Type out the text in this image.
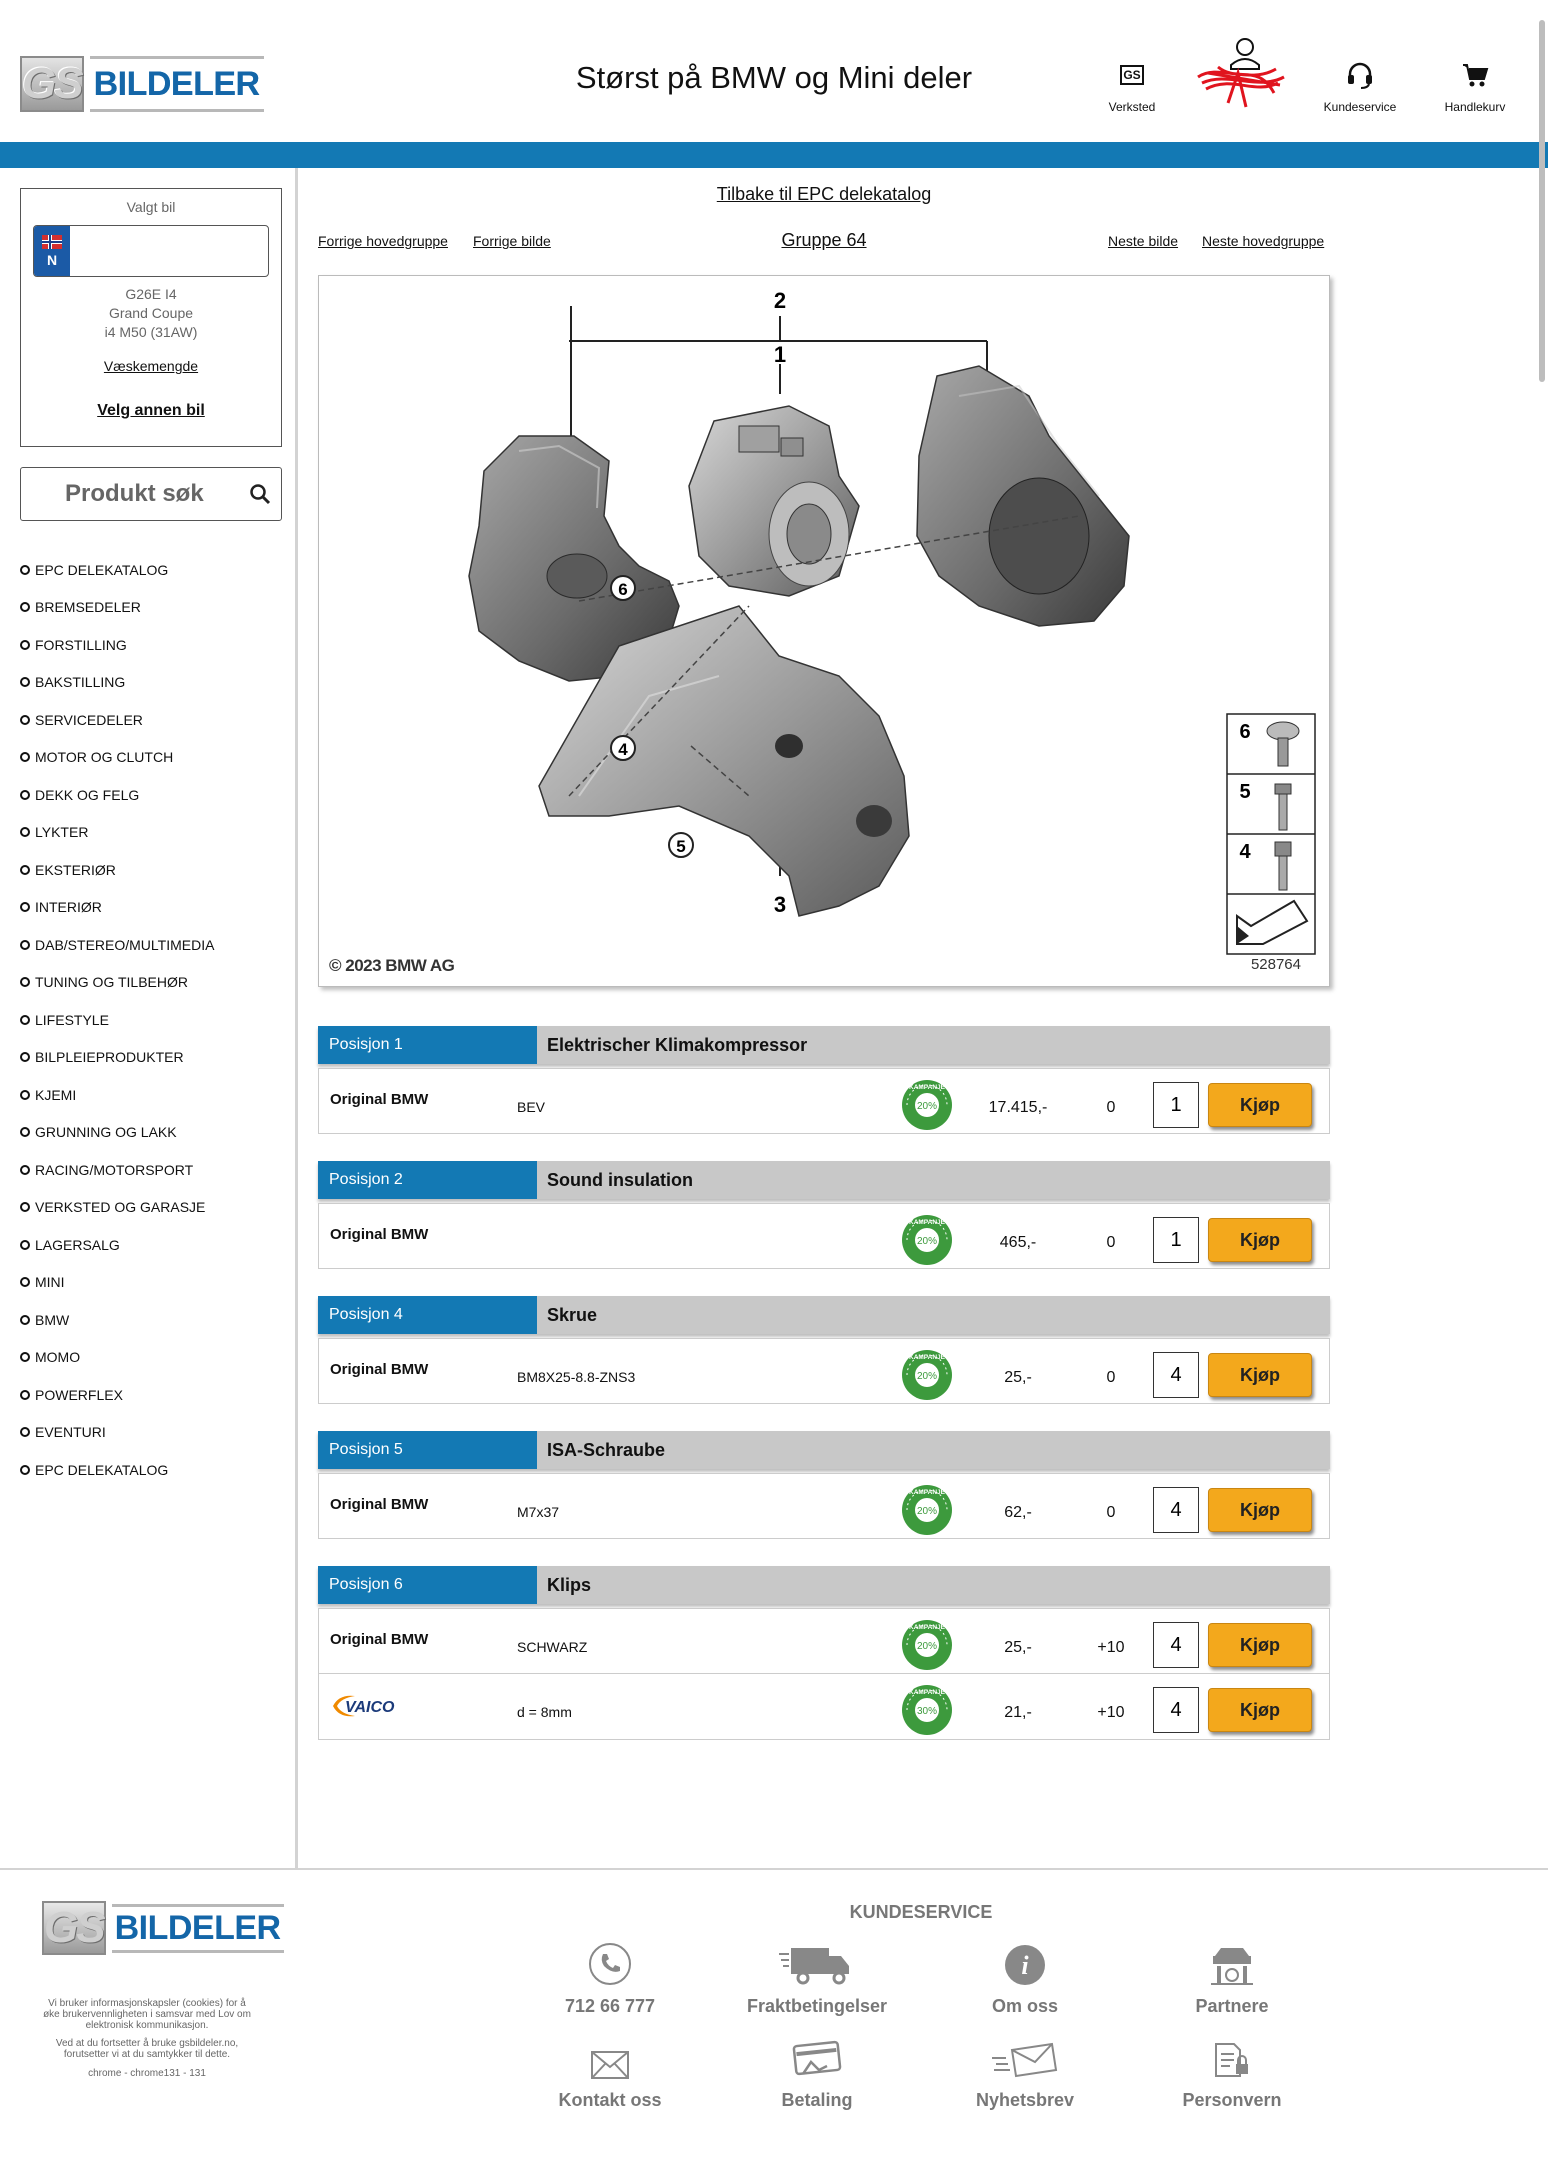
GS BILDELER	Størst på BMW og Mini deler	GS
Verksted	Kundeservice	Handlekurv
Valgt bil
N
G26E I4
Grand Coupe
i4 M50 (31AW)
Væskemengde
Velg annen bil
Produkt søk
EPC DELEKATALOG
BREMSEDELER
FORSTILLING
BAKSTILLING
SERVICEDELER
MOTOR OG CLUTCH
DEKK OG FELG
LYKTER
EKSTERIØR
INTERIØR
DAB/STEREO/MULTIMEDIA
TUNING OG TILBEHØR
LIFESTYLE
BILPLEIEPRODUKTER
KJEMI
GRUNNING OG LAKK
RACING/MOTORSPORT
VERKSTED OG GARASJE
LAGERSALG
MINI
BMW
MOMO
POWERFLEX
EVENTURI
EPC DELEKATALOG
Tilbake til EPC delekatalog
Forrige hovedgruppe Forrige bilde	Gruppe 64	Neste bilde Neste hovedgruppe
2
1
3
6
4
5
6
5
4
© 2023 BMW AG	528764
Posisjon 1	Elektrischer Klimakompressor
Original BMW	BEV
KAMPANJE
20%	17.415,-	0
1	Kjøp
Posisjon 2	Sound insulation
Original BMW
KAMPANJE
20%	465,-	0
1	Kjøp
Posisjon 4	Skrue
Original BMW	BM8X25-8.8-ZNS3
KAMPANJE
20%	25,-	0
4	Kjøp
Posisjon 5	ISA-Schraube
Original BMW	M7x37
KAMPANJE
20%	62,-	0
4	Kjøp
Posisjon 6	Klips
Original BMW	SCHWARZ
KAMPANJE
20%	25,-	+10
4	Kjøp
VAICO	d = 8mm
KAMPANJE
30%	21,-	+10
4	Kjøp
GS BILDELER
Vi bruker informasjonskapsler (cookies) for å øke brukervennligheten i samsvar med Lov om elektronisk kommunikasjon.
Ved at du fortsetter å bruke gsbildeler.no, forutsetter vi at du samtykker til dette.
chrome - chrome131 - 131
KUNDESERVICE
712 66 777	Fraktbetingelser
i
Om oss	Partnere
Kontakt oss	Betaling	Nyhetsbrev	Personvern
